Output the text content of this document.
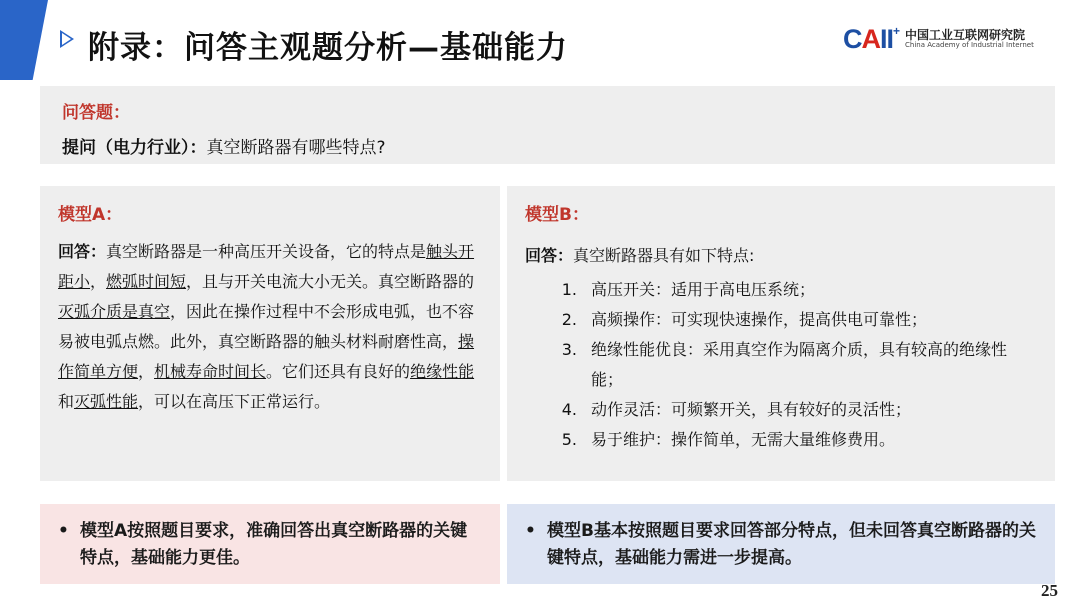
附录：问答主观题分析—基础能力	CAII+ 中国工业互联网研究院
China Academy of Industrial Internet
问答题：
提问（电力行业）：真空断路器有哪些特点?
模型A：
回答：真空断路器是一种高压开关设备，它的特点是触头开距小，燃弧时间短，且与开关电流大小无关。真空断路器的灭弧介质是真空，因此在操作过程中不会形成电弧，也不容易被电弧点燃。此外，真空断路器的触头材料耐磨性高，操作简单方便，机械寿命时间长。它们还具有良好的绝缘性能和灭弧性能，可以在高压下正常运行。
模型B：
回答：真空断路器具有如下特点:
1. 高压开关：适用于高电压系统；
2. 高频操作：可实现快速操作，提高供电可靠性；
3. 绝缘性能优良：采用真空作为隔离介质，具有较高的绝缘性能；
4. 动作灵活：可频繁开关，具有较好的灵活性；
5. 易于维护：操作简单，无需大量维修费用。
• 模型A按照题目要求，准确回答出真空断路器的关键特点，基础能力更佳。
• 模型B基本按照题目要求回答部分特点，但未回答真空断路器的关键特点，基础能力需进一步提高。
25
